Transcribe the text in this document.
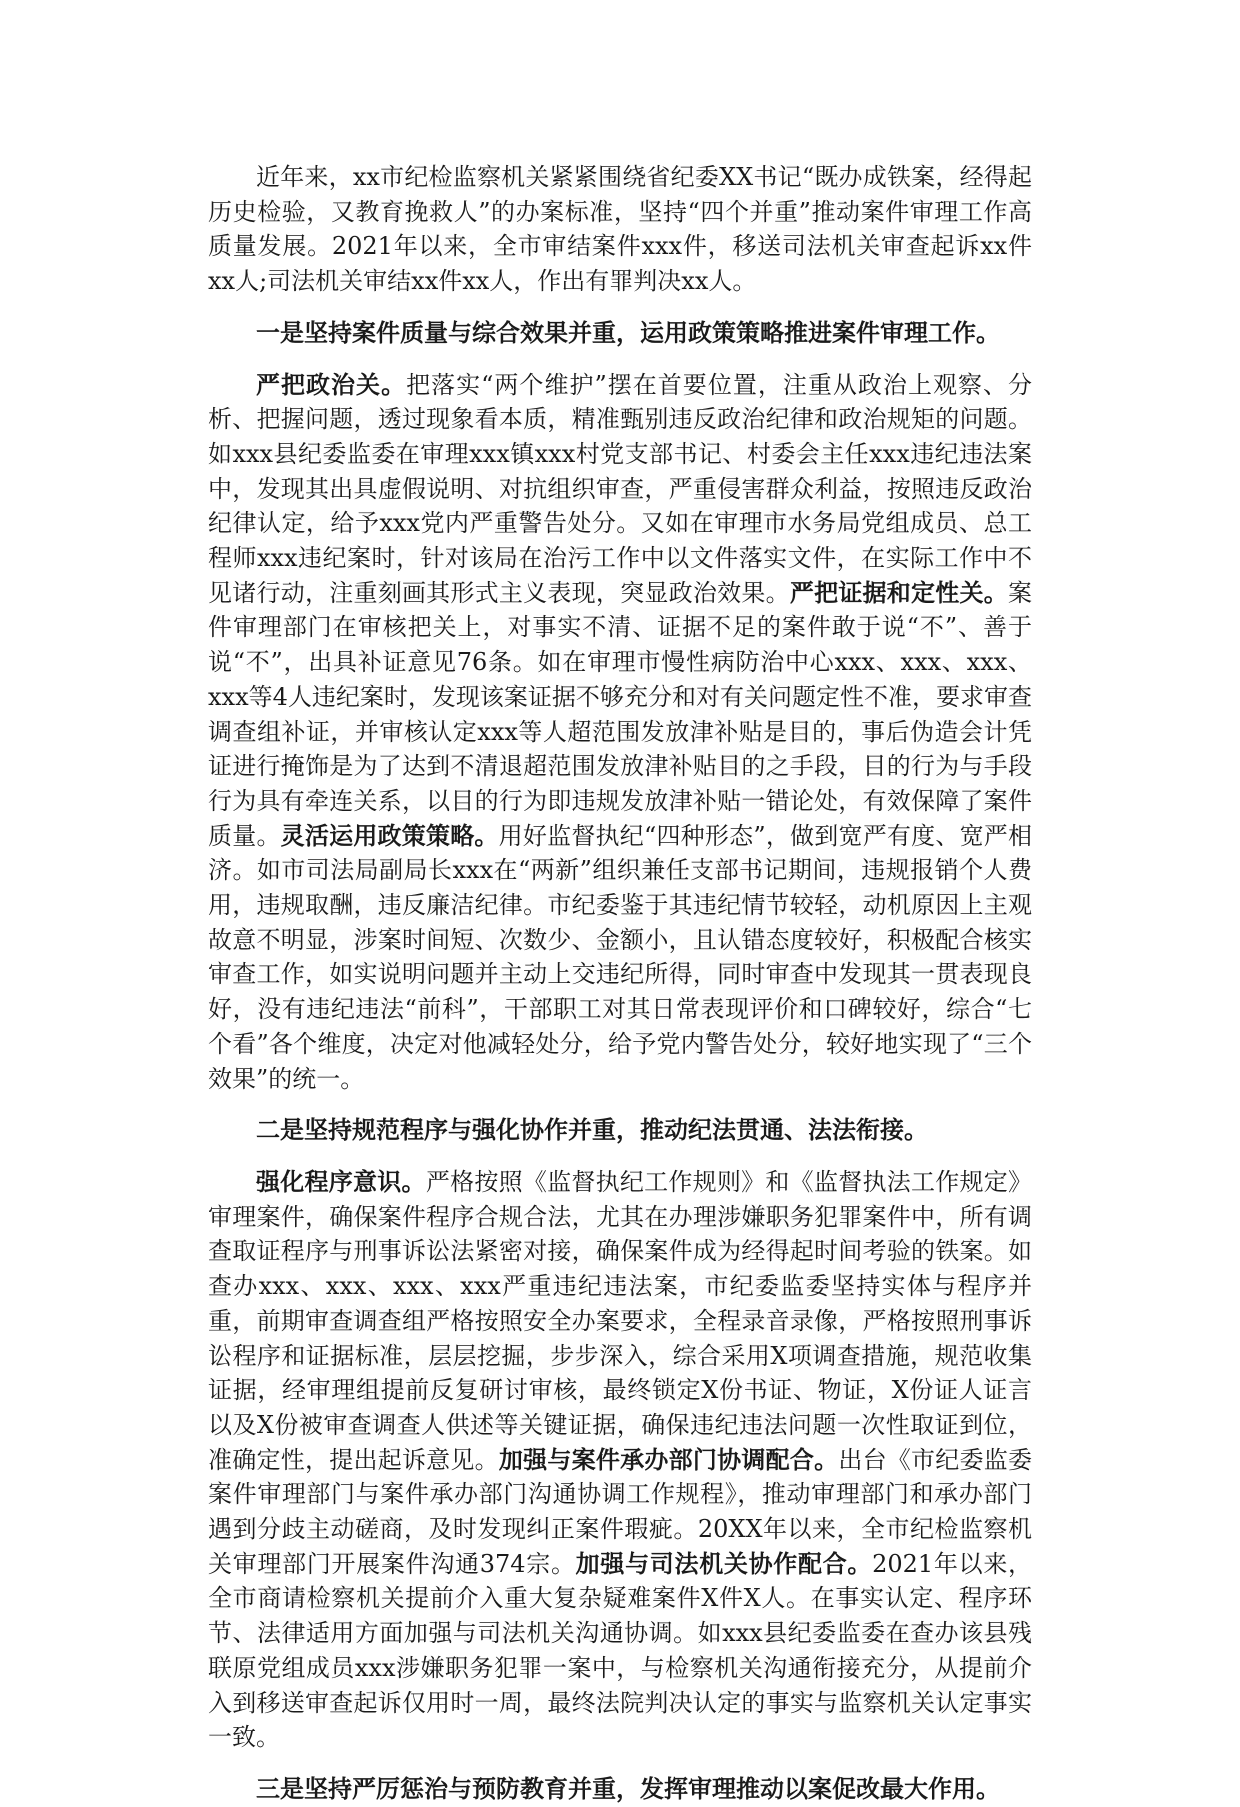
近年来，xx市纪检监察机关紧紧围绕省纪委XX书记“既办成铁案，经得起历史检验，又教育挽救人”的办案标准，坚持“四个并重”推动案件审理工作高质量发展。2021年以来，全市审结案件xxx件，移送司法机关审查起诉xx件xx人;司法机关审结xx件xx人，作出有罪判决xx人。

一是坚持案件质量与综合效果并重，运用政策策略推进案件审理工作。

严把政治关。把落实“两个维护”摆在首要位置，注重从政治上观察、分析、把握问题，透过现象看本质，精准甄别违反政治纪律和政治规矩的问题。如xxx县纪委监委在审理xxx镇xxx村党支部书记、村委会主任xxx违纪违法案中，发现其出具虚假说明、对抗组织审查，严重侵害群众利益，按照违反政治纪律认定，给予xxx党内严重警告处分。又如在审理市水务局党组成员、总工程师xxx违纪案时，针对该局在治污工作中以文件落实文件，在实际工作中不见诸行动，注重刻画其形式主义表现，突显政治效果。严把证据和定性关。案件审理部门在审核把关上，对事实不清、证据不足的案件敢于说“不”、善于说“不”，出具补证意见76条。如在审理市慢性病防治中心xxx、xxx、xxx、xxx等4人违纪案时，发现该案证据不够充分和对有关问题定性不准，要求审查调查组补证，并审核认定xxx等人超范围发放津补贴是目的，事后伪造会计凭证进行掩饰是为了达到不清退超范围发放津补贴目的之手段，目的行为与手段行为具有牵连关系，以目的行为即违规发放津补贴一错论处，有效保障了案件质量。灵活运用政策策略。用好监督执纪“四种形态”，做到宽严有度、宽严相济。如市司法局副局长xxx在“两新”组织兼任支部书记期间，违规报销个人费用，违规取酬，违反廉洁纪律。市纪委鉴于其违纪情节较轻，动机原因上主观故意不明显，涉案时间短、次数少、金额小，且认错态度较好，积极配合核实审查工作，如实说明问题并主动上交违纪所得，同时审查中发现其一贯表现良好，没有违纪违法“前科”，干部职工对其日常表现评价和口碑较好，综合“七个看”各个维度，决定对他减轻处分，给予党内警告处分，较好地实现了“三个效果”的统一。

二是坚持规范程序与强化协作并重，推动纪法贯通、法法衔接。

强化程序意识。严格按照《监督执纪工作规则》和《监督执法工作规定》审理案件，确保案件程序合规合法，尤其在办理涉嫌职务犯罪案件中，所有调查取证程序与刑事诉讼法紧密对接，确保案件成为经得起时间考验的铁案。如查办xxx、xxx、xxx、xxx严重违纪违法案，市纪委监委坚持实体与程序并重，前期审查调查组严格按照安全办案要求，全程录音录像，严格按照刑事诉讼程序和证据标准，层层挖掘，步步深入，综合采用X项调查措施，规范收集证据，经审理组提前反复研讨审核，最终锁定X份书证、物证，X份证人证言以及X份被审查调查人供述等关键证据，确保违纪违法问题一次性取证到位，准确定性，提出起诉意见。加强与案件承办部门协调配合。出台《市纪委监委案件审理部门与案件承办部门沟通协调工作规程》，推动审理部门和承办部门遇到分歧主动磋商，及时发现纠正案件瑕疵。20XX年以来，全市纪检监察机关审理部门开展案件沟通374宗。加强与司法机关协作配合。2021年以来，全市商请检察机关提前介入重大复杂疑难案件X件X人。在事实认定、程序环节、法律适用方面加强与司法机关沟通协调。如xxx县纪委监委在查办该县残联原党组成员xxx涉嫌职务犯罪一案中，与检察机关沟通衔接充分，从提前介入到移送审查起诉仅用时一周，最终法院判决认定的事实与监察机关认定事实一致。

三是坚持严厉惩治与预防教育并重，发挥审理推动以案促改最大作用。
